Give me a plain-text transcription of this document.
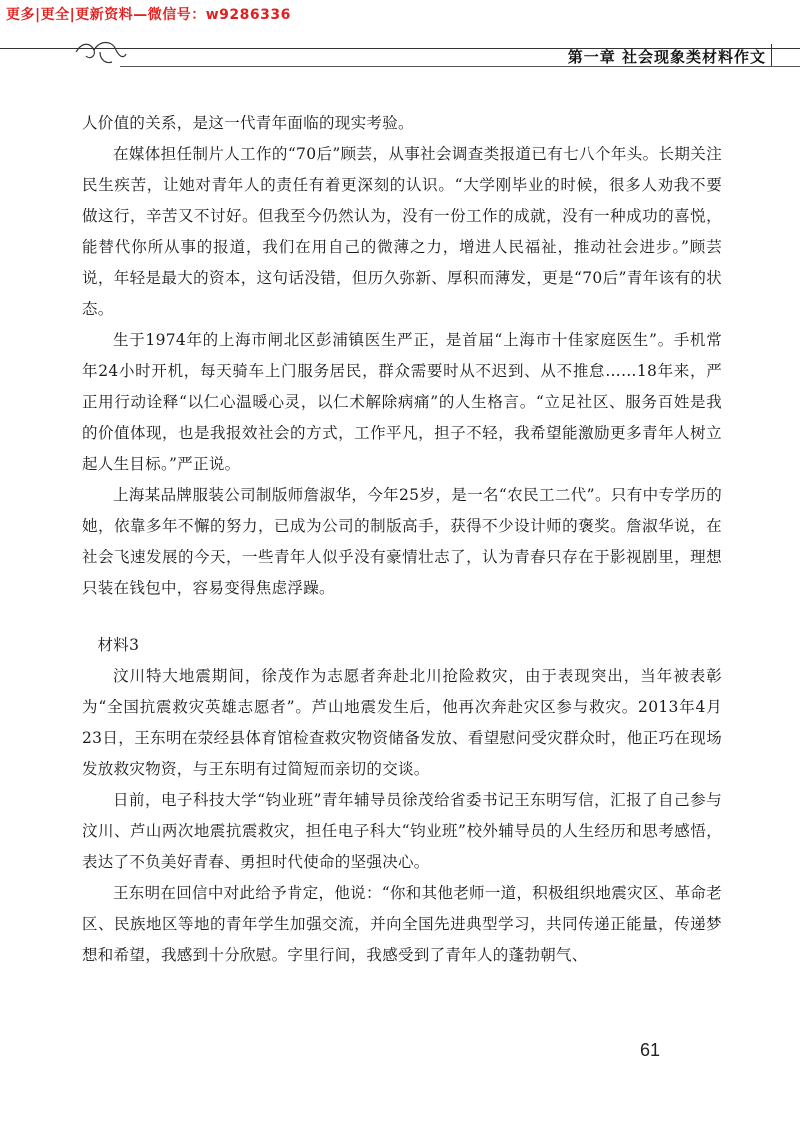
更多|更全|更新资料—微信号：w9286336
第一章 社会现象类材料作文

人价值的关系，是这一代青年面临的现实考验。

在媒体担任制片人工作的“70后”顾芸，从事社会调查类报道已有七八个年头。长期关注民生疾苦，让她对青年人的责任有着更深刻的认识。“大学刚毕业的时候，很多人劝我不要做这行，辛苦又不讨好。但我至今仍然认为，没有一份工作的成就，没有一种成功的喜悦，能替代你所从事的报道，我们在用自己的微薄之力，增进人民福祉，推动社会进步。”顾芸说，年轻是最大的资本，这句话没错，但历久弥新、厚积而薄发，更是“70后”青年该有的状态。

生于1974年的上海市闸北区彭浦镇医生严正，是首届“上海市十佳家庭医生”。手机常年24小时开机，每天骑车上门服务居民，群众需要时从不迟到、从不推怠……18年来，严正用行动诠释“以仁心温暖心灵，以仁术解除病痛”的人生格言。“立足社区、服务百姓是我的价值体现，也是我报效社会的方式，工作平凡，担子不轻，我希望能激励更多青年人树立起人生目标。”严正说。

上海某品牌服装公司制版师詹淑华，今年25岁，是一名“农民工二代”。只有中专学历的她，依靠多年不懈的努力，已成为公司的制版高手，获得不少设计师的褒奖。詹淑华说，在社会飞速发展的今天，一些青年人似乎没有豪情壮志了，认为青春只存在于影视剧里，理想只装在钱包中，容易变得焦虑浮躁。

材料3

汶川特大地震期间，徐茂作为志愿者奔赴北川抢险救灾，由于表现突出，当年被表彰为“全国抗震救灾英雄志愿者”。芦山地震发生后，他再次奔赴灾区参与救灾。2013年4月23日，王东明在荥经县体育馆检查救灾物资储备发放、看望慰问受灾群众时，他正巧在现场发放救灾物资，与王东明有过简短而亲切的交谈。

日前，电子科技大学“钧业班”青年辅导员徐茂给省委书记王东明写信，汇报了自己参与汶川、芦山两次地震抗震救灾，担任电子科大“钧业班”校外辅导员的人生经历和思考感悟，表达了不负美好青春、勇担时代使命的坚强决心。

王东明在回信中对此给予肯定，他说：“你和其他老师一道，积极组织地震灾区、革命老区、民族地区等地的青年学生加强交流，并向全国先进典型学习，共同传递正能量，传递梦想和希望，我感到十分欣慰。字里行间，我感受到了青年人的蓬勃朝气、

61
